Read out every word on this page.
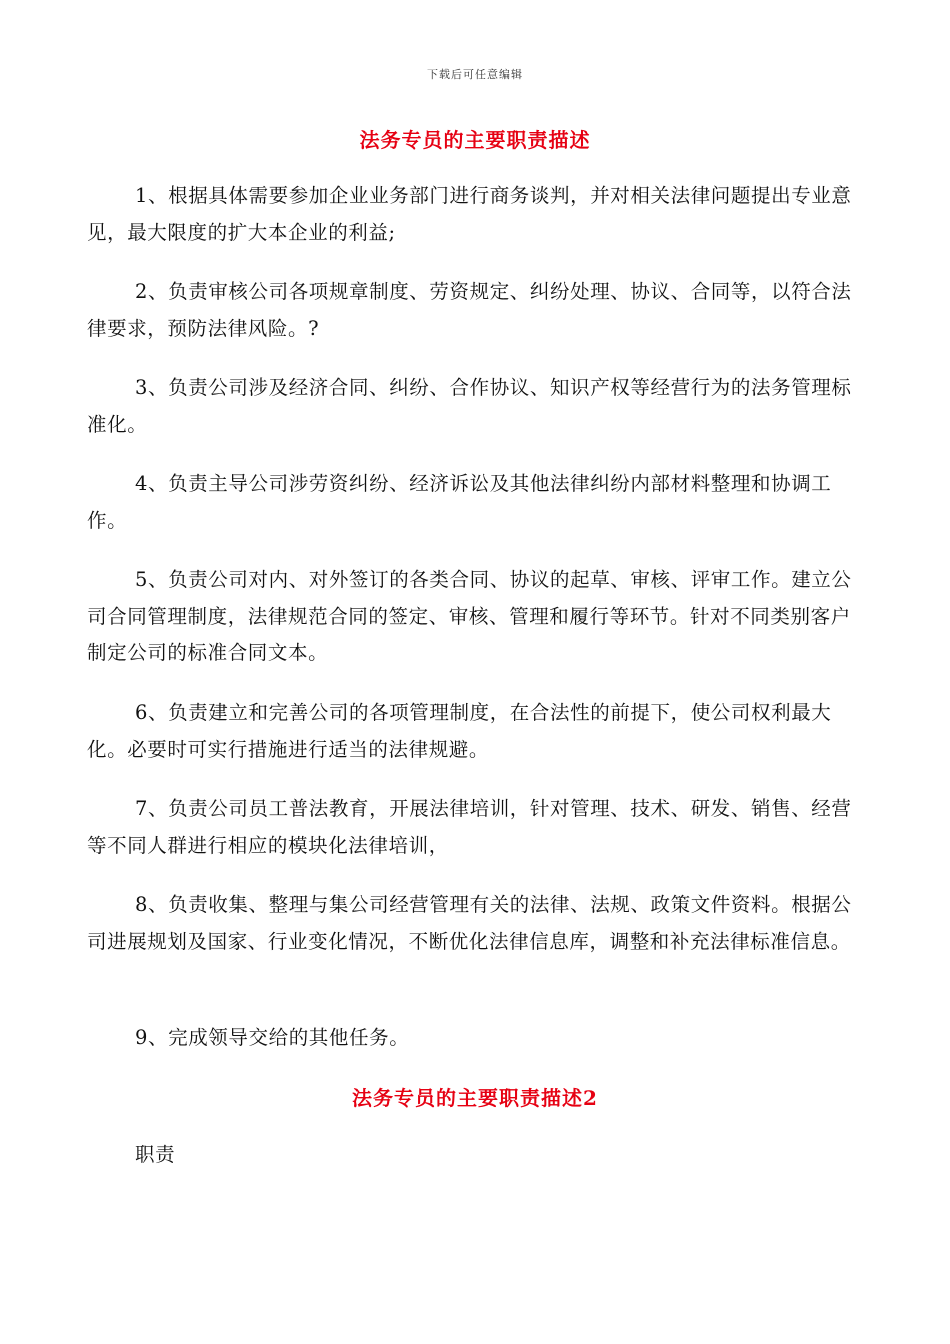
下载后可任意编辑
法务专员的主要职责描述
1、根据具体需要参加企业业务部门进行商务谈判，并对相关法律问题提出专业意见，最大限度的扩大本企业的利益;
2、负责审核公司各项规章制度、劳资规定、纠纷处理、协议、合同等，以符合法律要求，预防法律风险。?
3、负责公司涉及经济合同、纠纷、合作协议、知识产权等经营行为的法务管理标准化。
4、负责主导公司涉劳资纠纷、经济诉讼及其他法律纠纷内部材料整理和协调工作。
5、负责公司对内、对外签订的各类合同、协议的起草、审核、评审工作。建立公司合同管理制度，法律规范合同的签定、审核、管理和履行等环节。针对不同类别客户制定公司的标准合同文本。
6、负责建立和完善公司的各项管理制度，在合法性的前提下，使公司权利最大化。必要时可实行措施进行适当的法律规避。
7、负责公司员工普法教育，开展法律培训，针对管理、技术、研发、销售、经营等不同人群进行相应的模块化法律培训，
8、负责收集、整理与集公司经营管理有关的法律、法规、政策文件资料。根据公司进展规划及国家、行业变化情况，不断优化法律信息库，调整和补充法律标准信息。
9、完成领导交给的其他任务。
法务专员的主要职责描述2
职责
